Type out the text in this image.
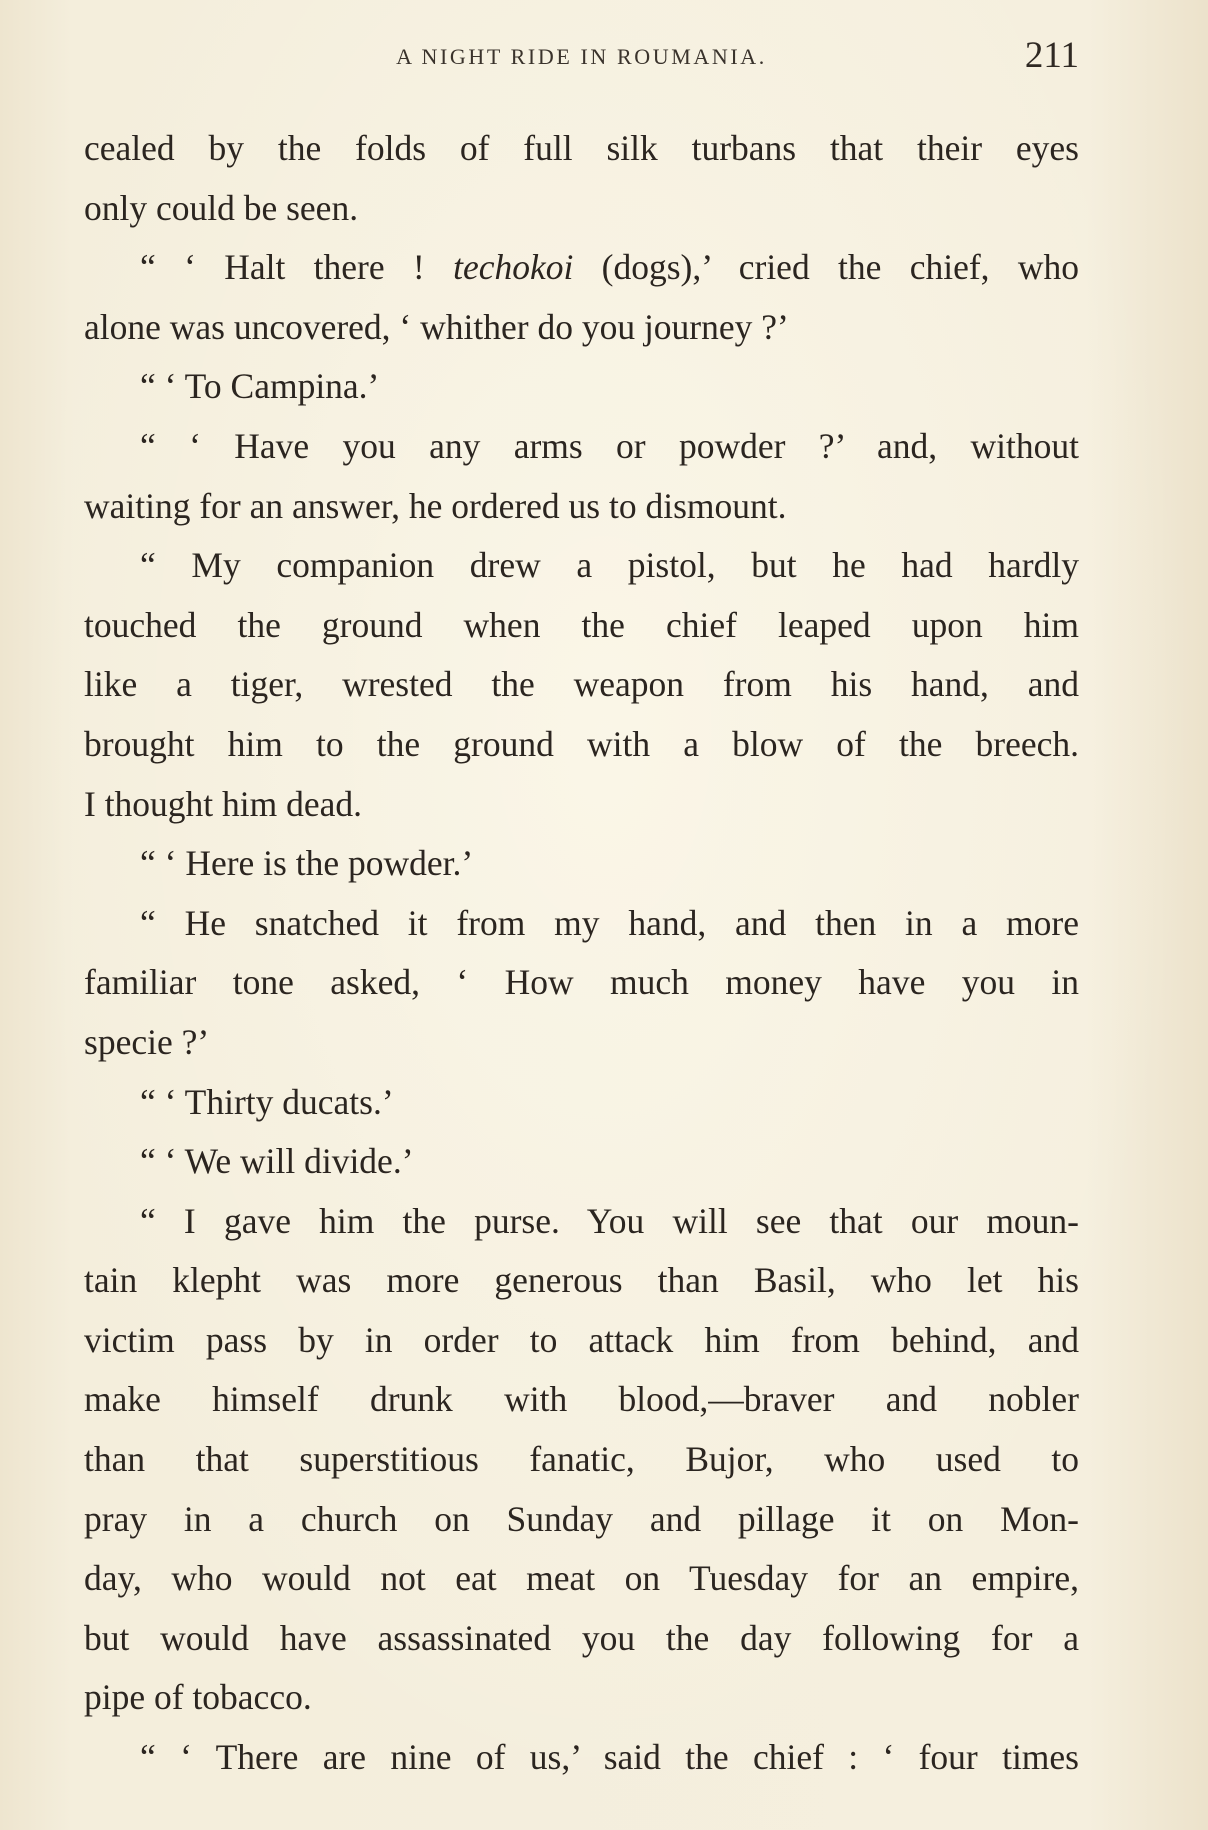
A NIGHT RIDE IN ROUMANIA.	211
cealed by the folds of full silk turbans that their eyes
only could be seen.
“ ‘ Halt there ! techokoi (dogs),’ cried the chief, who
alone was uncovered, ‘ whither do you journey ?’
“ ‘ To Campina.’
“ ‘ Have you any arms or powder ?’ and, without
waiting for an answer, he ordered us to dismount.
“ My companion drew a pistol, but he had hardly
touched the ground when the chief leaped upon him
like a tiger, wrested the weapon from his hand, and
brought him to the ground with a blow of the breech.
I thought him dead.
“ ‘ Here is the powder.’
“ He snatched it from my hand, and then in a more
familiar tone asked, ‘ How much money have you in
specie ?’
“ ‘ Thirty ducats.’
“ ‘ We will divide.’
“ I gave him the purse. You will see that our moun-
tain klepht was more generous than Basil, who let his
victim pass by in order to attack him from behind, and
make himself drunk with blood,—braver and nobler
than that superstitious fanatic, Bujor, who used to
pray in a church on Sunday and pillage it on Mon-
day, who would not eat meat on Tuesday for an empire,
but would have assassinated you the day following for a
pipe of tobacco.
“ ‘ There are nine of us,’ said the chief : ‘ four times
